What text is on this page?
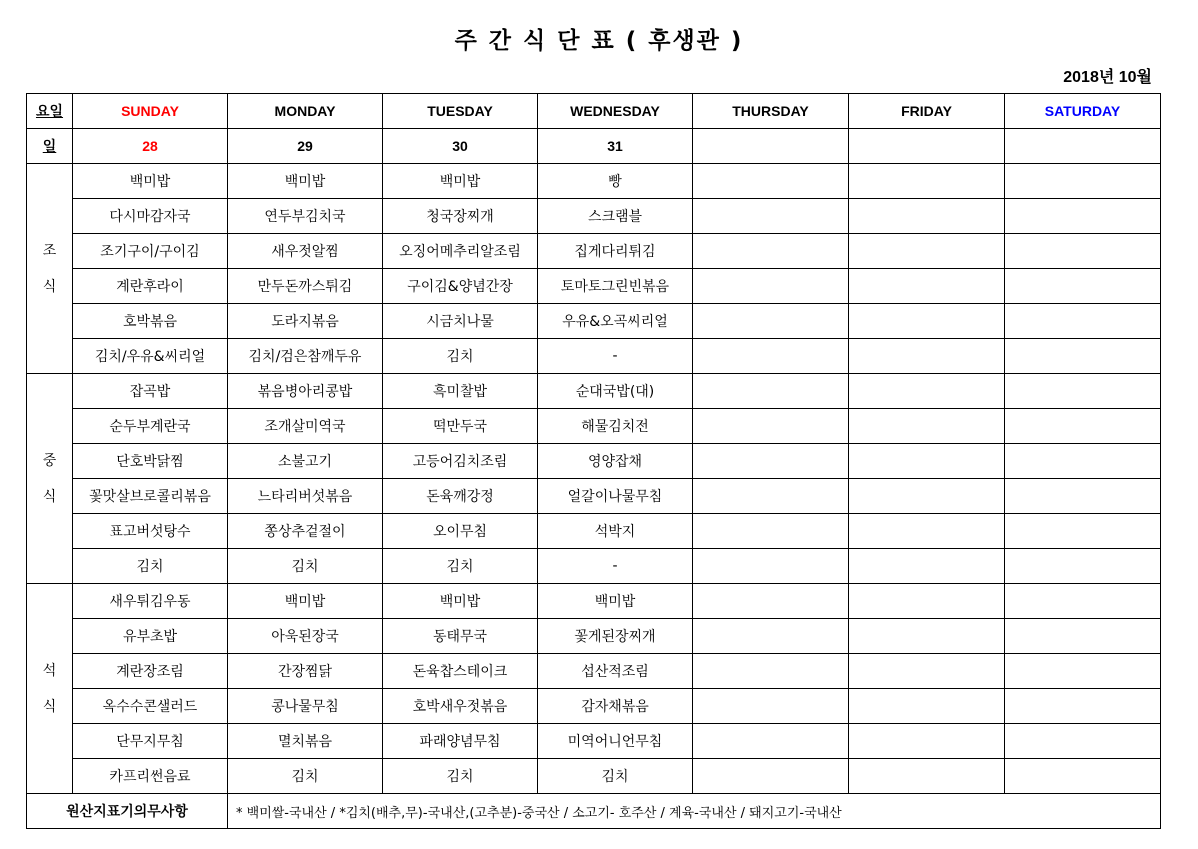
주 간 식 단 표 ( 후생관 )
2018년 10월
요일	SUNDAY	MONDAY	TUESDAY	WEDNESDAY	THURSDAY	FRIDAY	SATURDAY
일	28	29	30	31			

조
식	백미밥	백미밥	백미밥	빵			
	다시마감자국	연두부김치국	청국장찌개	스크램블			
	조기구이/구이김	새우젓알찜	오징어메추리알조림	집게다리튀김			
	계란후라이	만두돈까스튀김	구이김&양념간장	토마토그린빈볶음			
	호박볶음	도라지볶음	시금치나물	우유&오곡씨리얼			
	김치/우유&씨리얼	김치/검은참깨두유	김치	-			

중
식	잡곡밥	볶음병아리콩밥	흑미찰밥	순대국밥(대)			
	순두부계란국	조개살미역국	떡만두국	해물김치전			
	단호박닭찜	소불고기	고등어김치조림	영양잡채			
	꽃맛살브로콜리볶음	느타리버섯볶음	돈육깨강정	얼갈이나물무침			
	표고버섯탕수	쫑상추겉절이	오이무침	석박지			
	김치	김치	김치	-			

석
식	새우튀김우동	백미밥	백미밥	백미밥			
	유부초밥	아욱된장국	동태무국	꽃게된장찌개			
	계란장조림	간장찜닭	돈육찹스테이크	섭산적조림			
	옥수수콘샐러드	콩나물무침	호박새우젓볶음	감자채볶음			
	단무지무침	멸치볶음	파래양념무침	미역어니언무침			
	카프리썬음료	김치	김치	김치			
원산지표기의무사항		* 백미쌀-국내산 / *김치(배추,무)-국내산,(고추분)-중국산 / 소고기- 호주산 / 계육-국내산 / 돼지고기-국내산					
